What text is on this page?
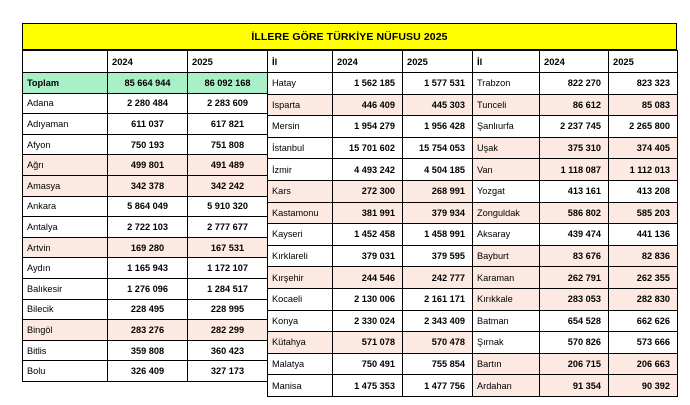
İLLERE GÖRE TÜRKİYE NÜFUSU 2025
	2024	2025
Toplam	85 664 944	86 092 168
Adana	2 280 484	2 283 609
Adıyaman	611 037	617 821
Afyon	750 193	751 808
Ağrı	499 801	491 489
Amasya	342 378	342 242
Ankara	5 864 049	5 910 320
Antalya	2 722 103	2 777 677
Artvin	169 280	167 531
Aydın	1 165 943	1 172 107
Balıkesir	1 276 096	1 284 517
Bilecik	228 495	228 995
Bingöl	283 276	282 299
Bitlis	359 808	360 423
Bolu	326 409	327 173
İl	2024	2025
Hatay	1 562 185	1 577 531
Isparta	446 409	445 303
Mersin	1 954 279	1 956 428
İstanbul	15 701 602	15 754 053
İzmir	4 493 242	4 504 185
Kars	272 300	268 991
Kastamonu	381 991	379 934
Kayseri	1 452 458	1 458 991
Kırklareli	379 031	379 595
Kırşehir	244 546	242 777
Kocaeli	2 130 006	2 161 171
Konya	2 330 024	2 343 409
Kütahya	571 078	570 478
Malatya	750 491	755 854
Manisa	1 475 353	1 477 756
İl	2024	2025
Trabzon	822 270	823 323
Tunceli	86 612	85 083
Şanlıurfa	2 237 745	2 265 800
Uşak	375 310	374 405
Van	1 118 087	1 112 013
Yozgat	413 161	413 208
Zonguldak	586 802	585 203
Aksaray	439 474	441 136
Bayburt	83 676	82 836
Karaman	262 791	262 355
Kırıkkale	283 053	282 830
Batman	654 528	662 626
Şırnak	570 826	573 666
Bartın	206 715	206 663
Ardahan	91 354	90 392
